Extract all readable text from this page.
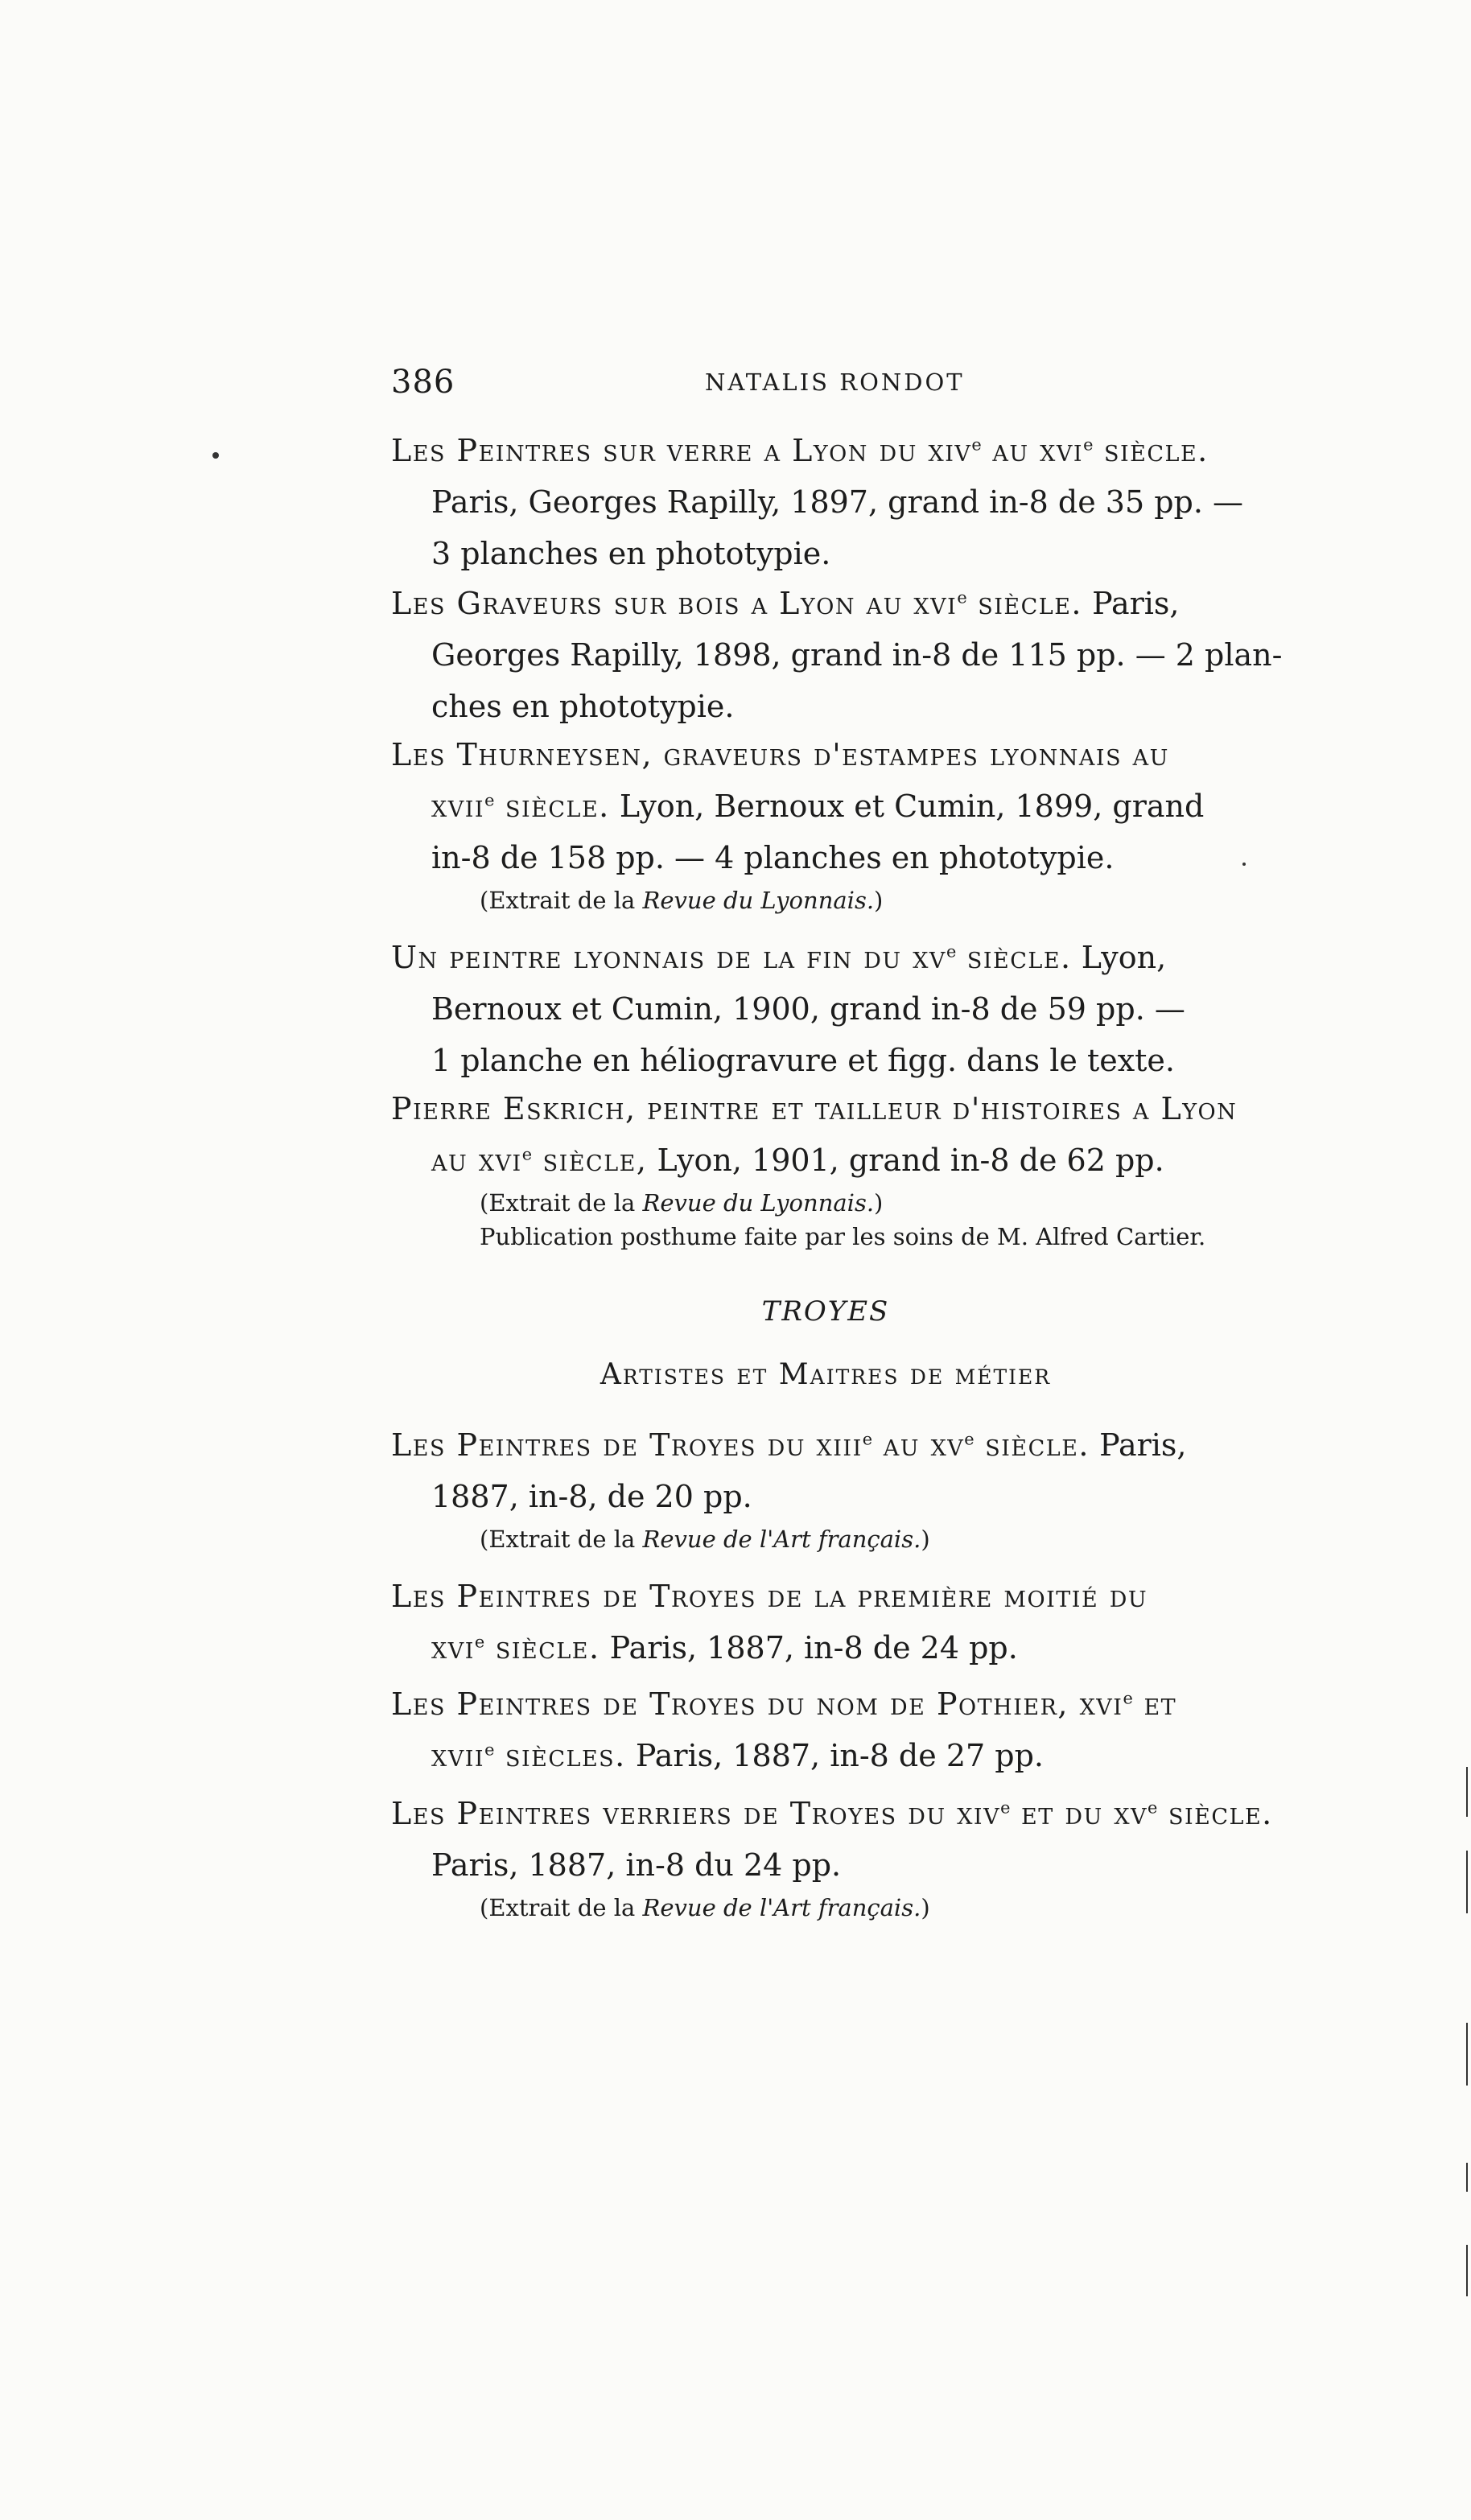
386	NATALIS RONDOT
Les Peintres sur verre a Lyon du xiv$^e$ au xvi$^e$ siècle.
Paris, Georges Rapilly, 1897, grand in-8 de 35 pp. —
3 planches en phototypie.
Les Graveurs sur bois a Lyon au xvi$^e$ siècle. Paris,
Georges Rapilly, 1898, grand in-8 de 115 pp. — 2 plan-
ches en phototypie.
Les Thurneysen, graveurs d'estampes lyonnais au
xvii$^e$ siècle. Lyon, Bernoux et Cumin, 1899, grand
in-8 de 158 pp. — 4 planches en phototypie.
(Extrait de la Revue du Lyonnais.)
Un peintre lyonnais de la fin du $xv^e$ siècle. Lyon,
Bernoux et Cumin, 1900, grand in-8 de 59 pp. —
1 planche en héliogravure et figg. dans le texte.
Pierre Eskrich, peintre et tailleur d'histoires a Lyon
au xvi$^e$ siècle, Lyon, 1901, grand in-8 de 62 pp.
(Extrait de la Revue du Lyonnais.)
Publication posthume faite par les soins de M. Alfred Cartier.
TROYES
Artistes et Maitres de métier
Les Peintres de Troyes du xiii$^e$ au $xv^e$ siècle. Paris,
1887, in-8, de 20 pp.
(Extrait de la Revue de l'Art français.)
Les Peintres de Troyes de la première moitié du
xvi$^e$ siècle. Paris, 1887, in-8 de 24 pp.
Les Peintres de Troyes du nom de Pothier, xvi$^e$ et
xvii$^e$ siècles. Paris, 1887, in-8 de 27 pp.
Les Peintres verriers de Troyes du xiv$^e$ et du $xv^e$ siècle.
Paris, 1887, in-8 du 24 pp.
(Extrait de la Revue de l'Art français.)
